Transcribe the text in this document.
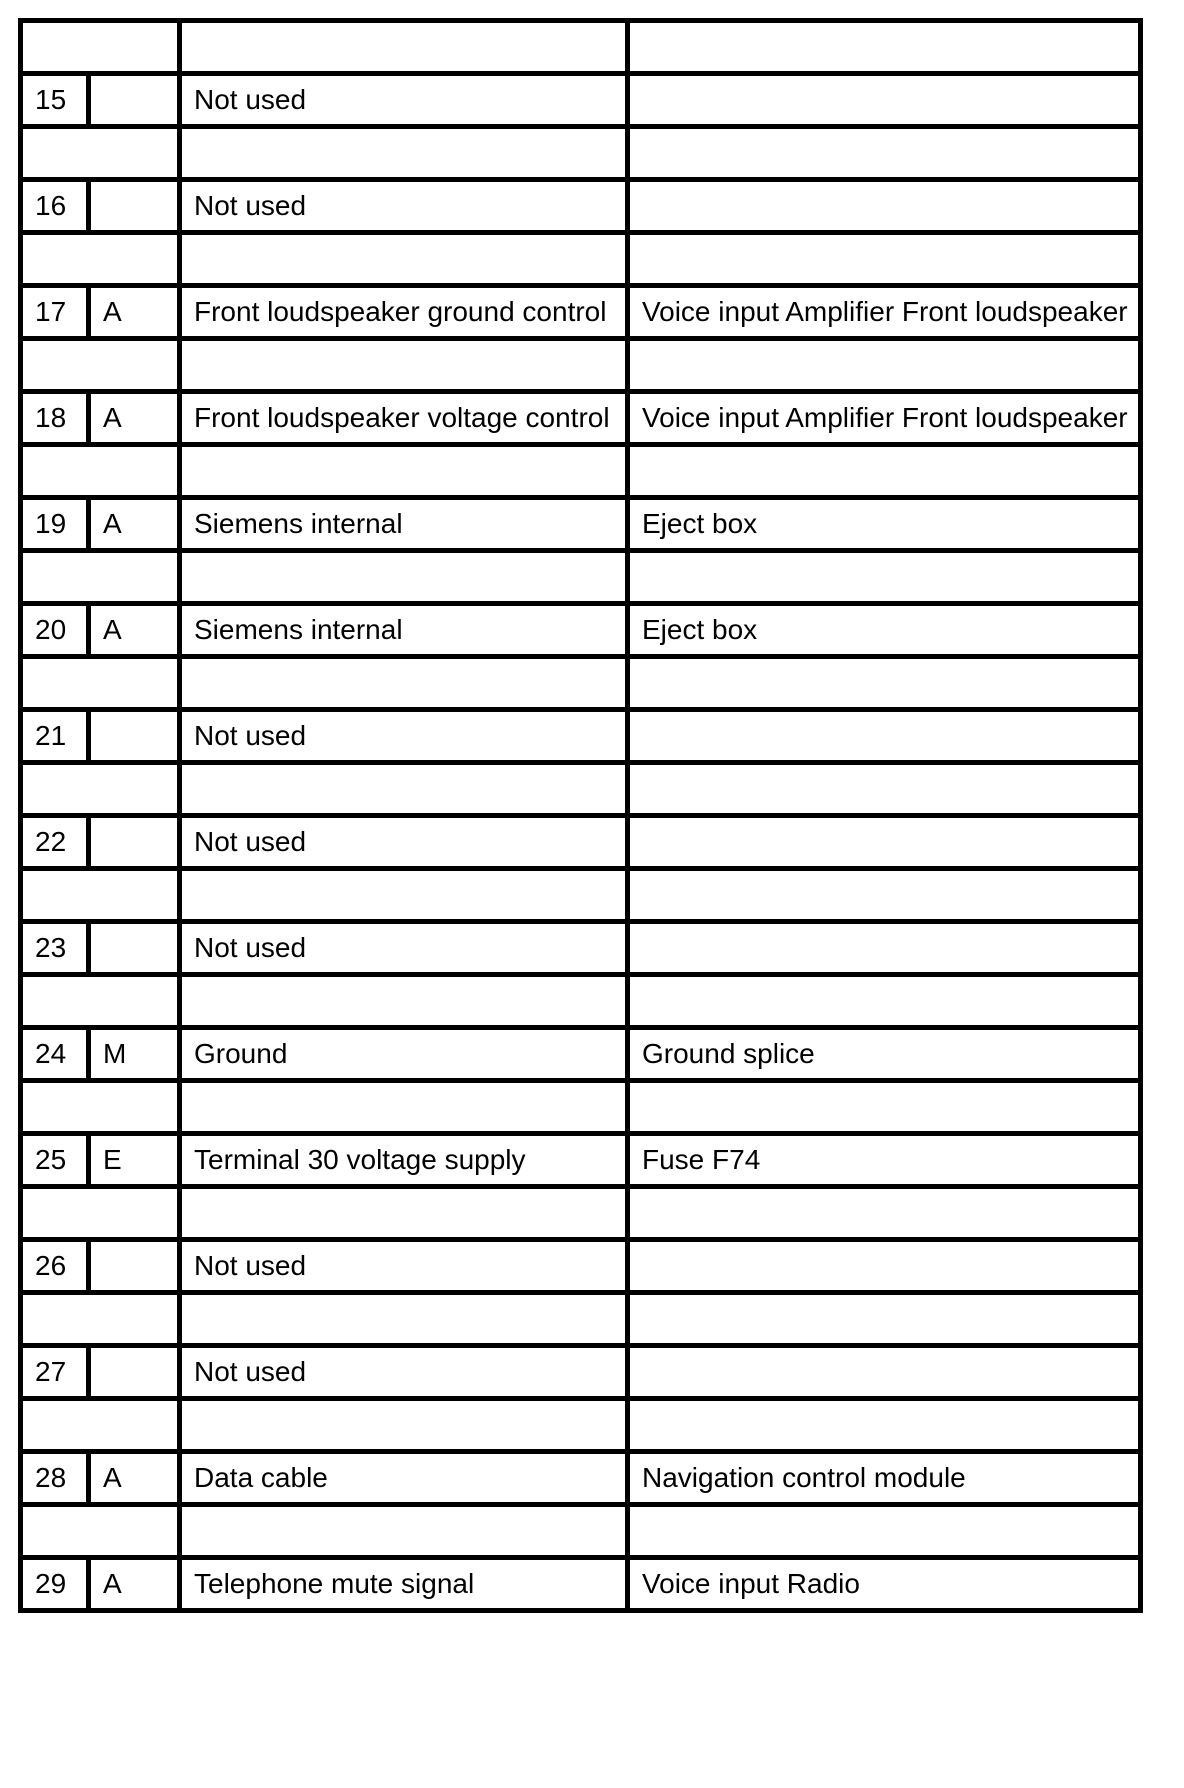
15		Not used	

16		Not used	

17	A	Front loudspeaker ground control	Voice input Amplifier Front loudspeaker

18	A	Front loudspeaker voltage control	Voice input Amplifier Front loudspeaker

19	A	Siemens internal	Eject box

20	A	Siemens internal	Eject box

21		Not used	

22		Not used	

23		Not used	

24	M	Ground	Ground splice

25	E	Terminal 30 voltage supply	Fuse F74

26		Not used	

27		Not used	

28	A	Data cable	Navigation control module

29	A	Telephone mute signal	Voice input Radio
